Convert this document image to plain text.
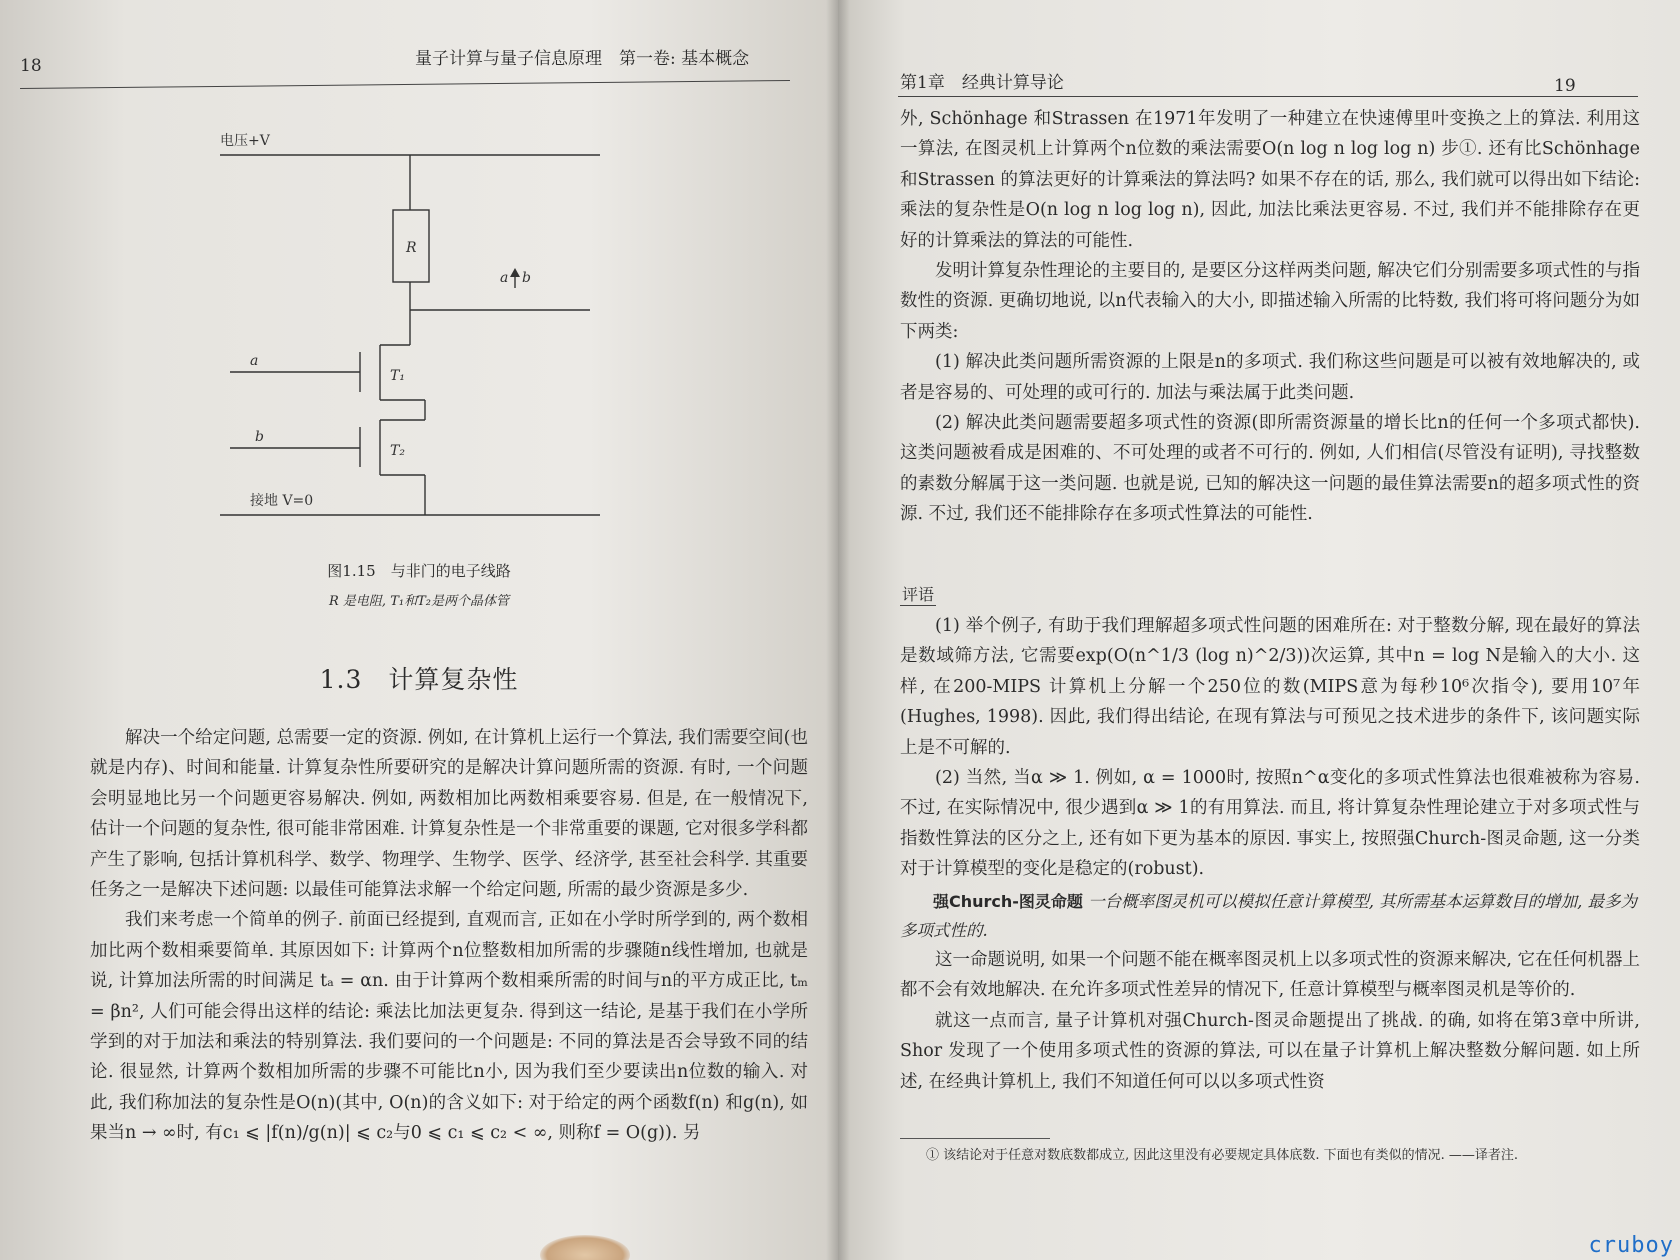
18	量子计算与量子信息原理　第一卷: 基本概念
电压+V
R
a b
a
b
T₁
T₂
接地 V=0
图1.15　与非门的电子线路
R 是电阻, T₁和T₂是两个晶体管
1.3　计算复杂性

解决一个给定问题, 总需要一定的资源. 例如, 在计算机上运行一个算法, 我们需要空间(也就是内存)、时间和能量. 计算复杂性所要研究的是解决计算问题所需的资源. 有时, 一个问题会明显地比另一个问题更容易解决. 例如, 两数相加比两数相乘要容易. 但是, 在一般情况下, 估计一个问题的复杂性, 很可能非常困难. 计算复杂性是一个非常重要的课题, 它对很多学科都产生了影响, 包括计算机科学、数学、物理学、生物学、医学、经济学, 甚至社会科学. 其重要任务之一是解决下述问题: 以最佳可能算法求解一个给定问题, 所需的最少资源是多少.

我们来考虑一个简单的例子. 前面已经提到, 直观而言, 正如在小学时所学到的, 两个数相加比两个数相乘要简单. 其原因如下: 计算两个n位整数相加所需的步骤随n线性增加, 也就是说, 计算加法所需的时间满足 tₐ = αn. 由于计算两个数相乘所需的时间与n的平方成正比, tₘ = βn², 人们可能会得出这样的结论: 乘法比加法更复杂. 得到这一结论, 是基于我们在小学所学到的对于加法和乘法的特别算法. 我们要问的一个问题是: 不同的算法是否会导致不同的结论. 很显然, 计算两个数相加所需的步骤不可能比n小, 因为我们至少要读出n位数的输入. 对此, 我们称加法的复杂性是O(n)(其中, O(n)的含义如下: 对于给定的两个函数f(n) 和g(n), 如果当n → ∞时, 有c₁ ⩽ |f(n)/g(n)| ⩽ c₂与0 ⩽ c₁ ⩽ c₂ < ∞, 则称f = O(g)). 另

第1章　经典计算导论	19

外, Schönhage 和Strassen 在1971年发明了一种建立在快速傅里叶变换之上的算法. 利用这一算法, 在图灵机上计算两个n位数的乘法需要O(n log n log log n) 步①. 还有比Schönhage 和Strassen 的算法更好的计算乘法的算法吗? 如果不存在的话, 那么, 我们就可以得出如下结论: 乘法的复杂性是O(n log n log log n), 因此, 加法比乘法更容易. 不过, 我们并不能排除存在更好的计算乘法的算法的可能性.

发明计算复杂性理论的主要目的, 是要区分这样两类问题, 解决它们分别需要多项式性的与指数性的资源. 更确切地说, 以n代表输入的大小, 即描述输入所需的比特数, 我们将可将问题分为如下两类:

(1) 解决此类问题所需资源的上限是n的多项式. 我们称这些问题是可以被有效地解决的, 或者是容易的、可处理的或可行的. 加法与乘法属于此类问题.

(2) 解决此类问题需要超多项式性的资源(即所需资源量的增长比n的任何一个多项式都快). 这类问题被看成是困难的、不可处理的或者不可行的. 例如, 人们相信(尽管没有证明), 寻找整数的素数分解属于这一类问题. 也就是说, 已知的解决这一问题的最佳算法需要n的超多项式性的资源. 不过, 我们还不能排除存在多项式性算法的可能性.

评语

(1) 举个例子, 有助于我们理解超多项式性问题的困难所在: 对于整数分解, 现在最好的算法是数域筛方法, 它需要exp(O(n^1/3 (log n)^2/3))次运算, 其中n = log N是输入的大小. 这样, 在200-MIPS 计算机上分解一个250位的数(MIPS意为每秒10⁶次指令), 要用10⁷年(Hughes, 1998). 因此, 我们得出结论, 在现有算法与可预见之技术进步的条件下, 该问题实际上是不可解的.

(2) 当然, 当α ≫ 1. 例如, α = 1000时, 按照n^α变化的多项式性算法也很难被称为容易. 不过, 在实际情况中, 很少遇到α ≫ 1的有用算法. 而且, 将计算复杂性理论建立于对多项式性与指数性算法的区分之上, 还有如下更为基本的原因. 事实上, 按照强Church-图灵命题, 这一分类对于计算模型的变化是稳定的(robust).

强Church-图灵命题 一台概率图灵机可以模拟任意计算模型, 其所需基本运算数目的增加, 最多为多项式性的.

这一命题说明, 如果一个问题不能在概率图灵机上以多项式性的资源来解决, 它在任何机器上都不会有效地解决. 在允许多项式性差异的情况下, 任意计算模型与概率图灵机是等价的.

就这一点而言, 量子计算机对强Church-图灵命题提出了挑战. 的确, 如将在第3章中所讲, Shor 发现了一个使用多项式性的资源的算法, 可以在量子计算机上解决整数分解问题. 如上所述, 在经典计算机上, 我们不知道任何可以以多项式性资

① 该结论对于任意对数底数都成立, 因此这里没有必要规定具体底数. 下面也有类似的情况. ——译者注.
cruboy
